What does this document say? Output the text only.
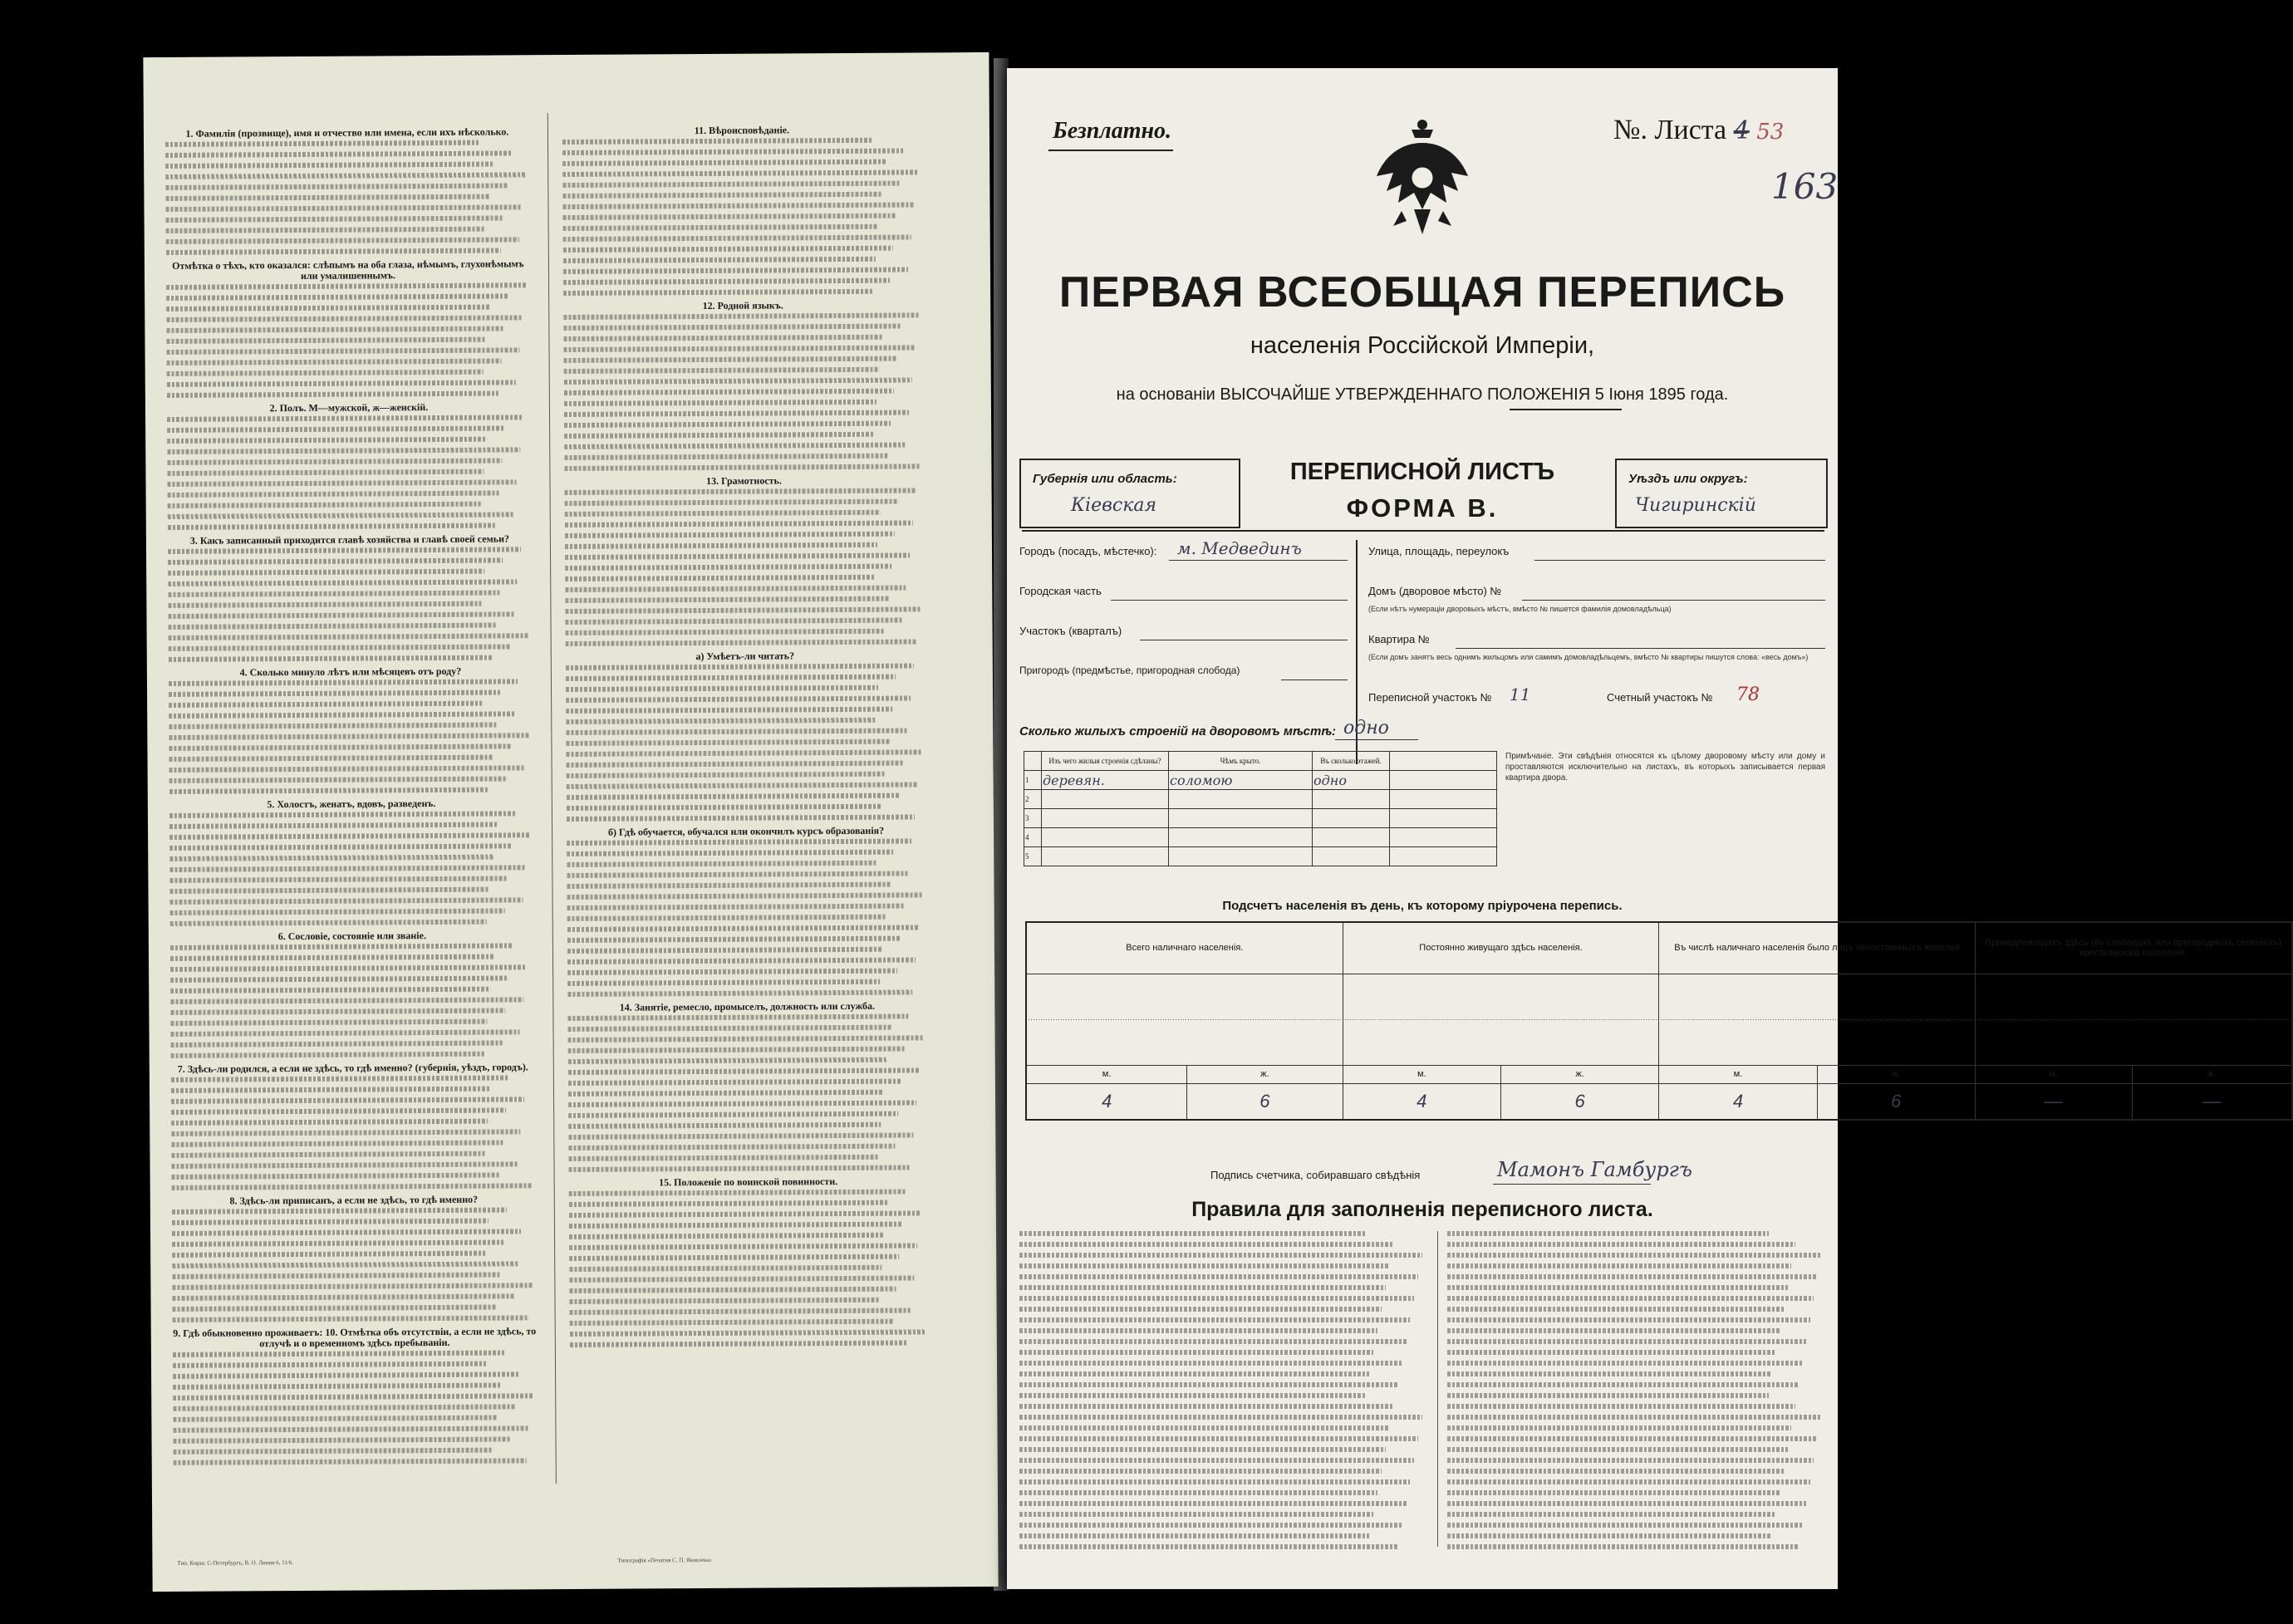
1. Фамилія (прозвище), имя и отчество или имена, если ихъ нѣсколько.
Отмѣтка о тѣхъ, кто оказался: слѣпымъ на оба глаза, нѣмымъ, глухонѣмымъ или умалишеннымъ.
2. Полъ. М—мужской, ж—женскій.
3. Какъ записанный приходится главѣ хозяйства и главѣ своей семьи?
4. Сколько минуло лѣтъ или мѣсяцевъ отъ роду?
5. Холостъ, женатъ, вдовъ, разведенъ.
6. Сословіе, состояніе или званіе.
7. Здѣсь-ли родился, а если не здѣсь, то гдѣ именно? (губернія, уѣздъ, городъ).
8. Здѣсь-ли приписанъ, а если не здѣсь, то гдѣ именно?
9. Гдѣ обыкновенно проживаетъ: 10. Отмѣтка объ отсутствіи, а если не здѣсь, то отлучѣ и о временномъ здѣсь пребываніи.
11. Вѣроисповѣданіе.
12. Родной языкъ.
13. Грамотность.
а) Умѣетъ-ли читать?
б) Гдѣ обучается, обучался или окончилъ курсъ образованія?
14. Занятіе, ремесло, промыселъ, должность или служба.
15. Положеніе по воинской повинности.
Тип. Кирш. С-Петербургъ, В. О. Линия 6, 11/6.	Типографія «Печатня С. П. Яковлева»
Безплатно.	№. Листа 4 53
163
ПЕРВАЯ ВСЕОБЩАЯ ПЕРЕПИСЬ
населенія Россійской Имперіи,
на основаніи ВЫСОЧАЙШЕ УТВЕРЖДЕННАГО ПОЛОЖЕНІЯ 5 Іюня 1895 года.
Губернія или область:
Кіевская
ПЕРЕПИСНОЙ ЛИСТЪ
ФОРМА В.
Уѣздъ или округъ:
Чигиринскій
Городъ (посадъ, мѣстечко): м. Медвединъ
Городская часть
Участокъ (кварталъ)
Пригородъ (предмѣстье, пригородная слобода)
Улица, площадь, переулокъ
Домъ (дворовое мѣсто) №
(Если нѣтъ нумераціи дворовыхъ мѣстъ, вмѣсто № пишется фамилія домовладѣльца)
Квартира №
(Если домъ занятъ весь однимъ жильцомъ или самимъ домовладѣльцемъ, вмѣсто № квартиры пишутся слова: «весь домъ»)
Переписной участокъ № 11	Счетный участокъ № 78
Сколько жилыхъ строеній на дворовомъ мѣстѣ: одно
	Изъ чего жилыя строенія сдѣланы?	Чѣмъ крыто.	Въ сколько этажей.	
1	деревян.	соломою	одно	
2				
3				
4				
5				
Примѣчаніе. Эти свѣдѣнія относятся къ цѣлому дворовому мѣсту или дому и проставляются исключительно на листахъ, въ которыхъ записывается первая квартира двора.
Подсчетъ населенія въ день, къ которому пріурочена перепись.
Всего наличнаго населенія.		Постоянно живущаго здѣсь населенія.		Въ числѣ наличнаго населенія было лицъ непостоянныхъ жителей		Принадлежащихъ здѣсь (въ слободахъ или пригородныхъ селеніяхъ) крестьянскаго населенія.	
······························································································································		······························································································································		······························································································································		······························································································································	
м.	ж.	м.	ж.	м.	ж.	м.	ж.
4	6	4	6	4	6	—	—
Подпись счетчика, собиравшаго свѣдѣнія	Мамонъ Гамбургъ
Правила для заполненія переписного листа.
